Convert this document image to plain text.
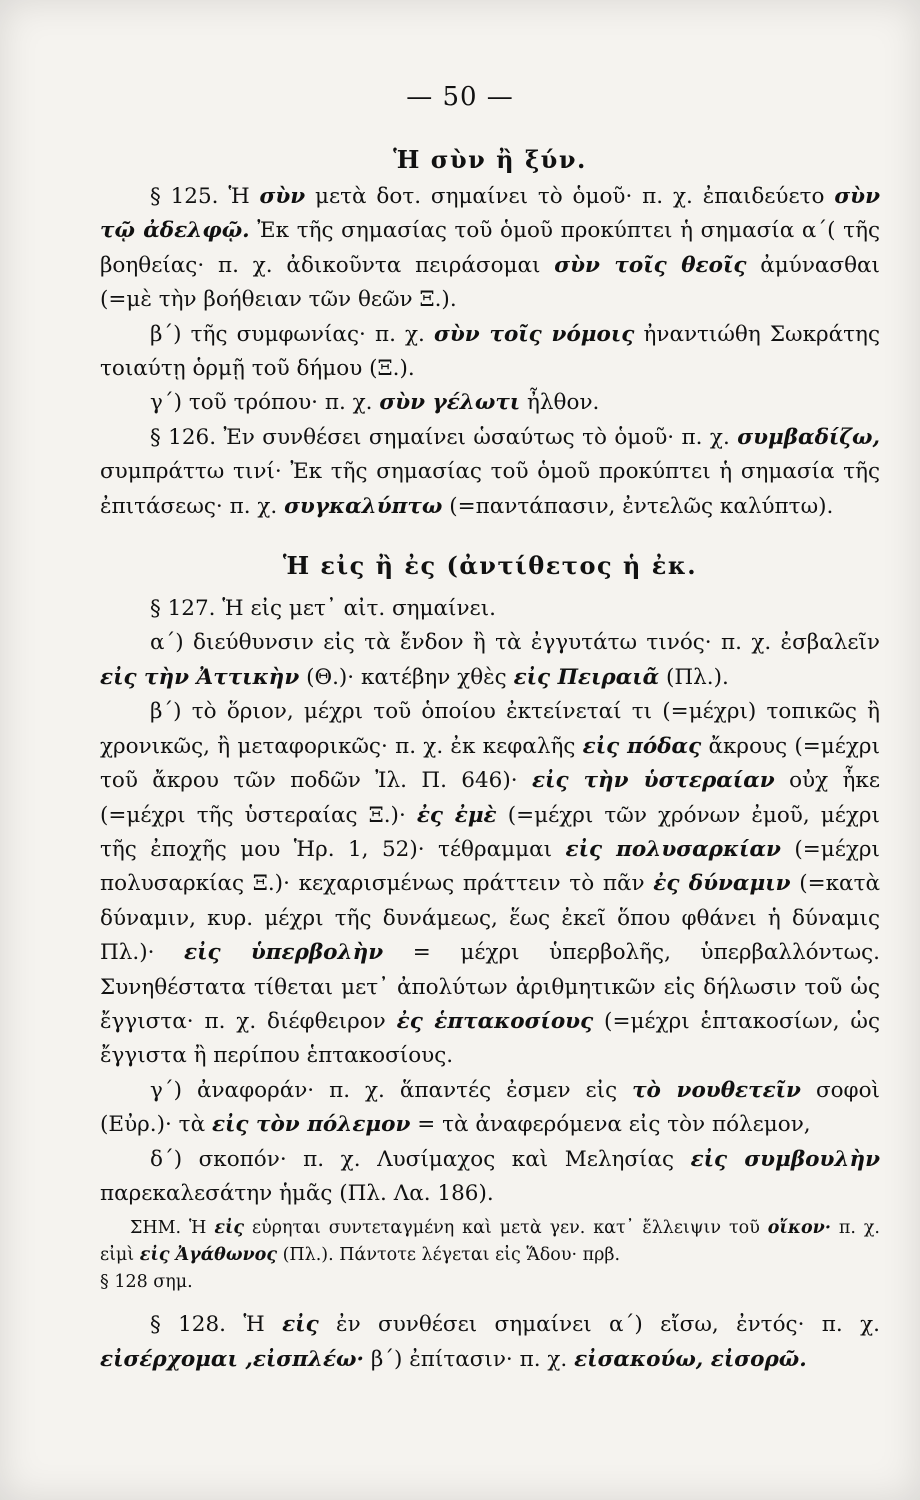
— 50 —
Ἡ σὺν ἢ ξύν.

§ 125. Ἡ σὺν μετὰ δοτ. σημαίνει τὸ ὁμοῦ· π. χ. ἐπαιδεύετο σὺν τῷ ἀδελφῷ. Ἐκ τῆς σημασίας τοῦ ὁμοῦ προκύπτει ἡ σημασία α΄( τῆς βοηθείας· π. χ. ἀδικοῦντα πειράσομαι σὺν τοῖς θεοῖς ἀμύνασθαι (=μὲ τὴν βοήθειαν τῶν θεῶν Ξ.).

β΄) τῆς συμφωνίας· π. χ. σὺν τοῖς νόμοις ἠναντιώθη Σωκράτης τοιαύτῃ ὁρμῇ τοῦ δήμου (Ξ.).

γ΄) τοῦ τρόπου· π. χ. σὺν γέλωτι ἦλθον.

§ 126. Ἐν συνθέσει σημαίνει ὡσαύτως τὸ ὁμοῦ· π. χ. συμβαδίζω, συμπράττω τινί· Ἐκ τῆς σημασίας τοῦ ὁμοῦ προκύπτει ἡ σημασία τῆς ἐπιτάσεως· π. χ. συγκαλύπτω (=παντάπασιν, ἐντελῶς καλύπτω).

Ἡ εἰς ἢ ἐς (ἀντίθετος ἡ ἐκ.

§ 127. Ἡ εἰς μετ᾿ αἰτ. σημαίνει.

α΄) διεύθυνσιν εἰς τὰ ἔνδον ἢ τὰ ἐγγυτάτω τινός· π. χ. ἐσβαλεῖν εἰς τὴν Ἀττικὴν (Θ.)· κατέβην χθὲς εἰς Πειραιᾶ (Πλ.).

β΄) τὸ ὅριον, μέχρι τοῦ ὁποίου ἐκτείνεταί τι (=μέχρι) τοπικῶς ἢ χρονικῶς, ἢ μεταφορικῶς· π. χ. ἐκ κεφαλῆς εἰς πόδας ἄκρους (=μέχρι τοῦ ἄκρου τῶν ποδῶν Ἰλ. Π. 646)· εἰς τὴν ὑστεραίαν οὐχ ἧκε (=μέχρι τῆς ὑστεραίας Ξ.)· ἐς ἐμὲ (=μέχρι τῶν χρόνων ἐμοῦ, μέχρι τῆς ἐποχῆς μου Ἡρ. 1, 52)· τέθραμμαι εἰς πολυσαρκίαν (=μέχρι πολυσαρκίας Ξ.)· κεχαρισμένως πράττειν τὸ πᾶν ἐς δύναμιν (=κατὰ δύναμιν, κυρ. μέχρι τῆς δυνάμεως, ἕως ἐκεῖ ὅπου φθάνει ἡ δύναμις Πλ.)· εἰς ὑπερβολὴν = μέχρι ὑπερβολῆς, ὑπερβαλλόντως. Συνηθέστατα τίθεται μετ᾿ ἀπολύτων ἀριθμητικῶν εἰς δήλωσιν τοῦ ὡς ἔγγιστα· π. χ. διέφθειρον ἐς ἑπτακοσίους (=μέχρι ἑπτακοσίων, ὡς ἔγγιστα ἢ περίπου ἑπτακοσίους.

γ΄) ἀναφοράν· π. χ. ἅπαντές ἐσμεν εἰς τὸ νουθετεῖν σοφοὶ (Εὐρ.)· τὰ εἰς τὸν πόλεμον = τὰ ἀναφερόμενα εἰς τὸν πόλεμον,

δ΄) σκοπόν· π. χ. Λυσίμαχος καὶ Μελησίας εἰς συμβουλὴν παρεκαλεσάτην ἡμᾶς (Πλ. Λα. 186).

ΣΗΜ. Ἡ εἰς εὑρηται συντεταγμένη καὶ μετὰ γεν. κατ᾿ ἔλλειψιν τοῦ οἴκον· π. χ. εἰμὶ εἰς Ἀγάθωνος (Πλ.). Πάντοτε λέγεται εἰς Ἅδου· πρβ.

§ 128 σημ.

§ 128. Ἡ εἰς ἐν συνθέσει σημαίνει α΄) εἴσω, ἐντός· π. χ. εἰσέρχομαι ,εἰσπλέω· β΄) ἐπίτασιν· π. χ. εἰσακούω, εἰσορῶ.
